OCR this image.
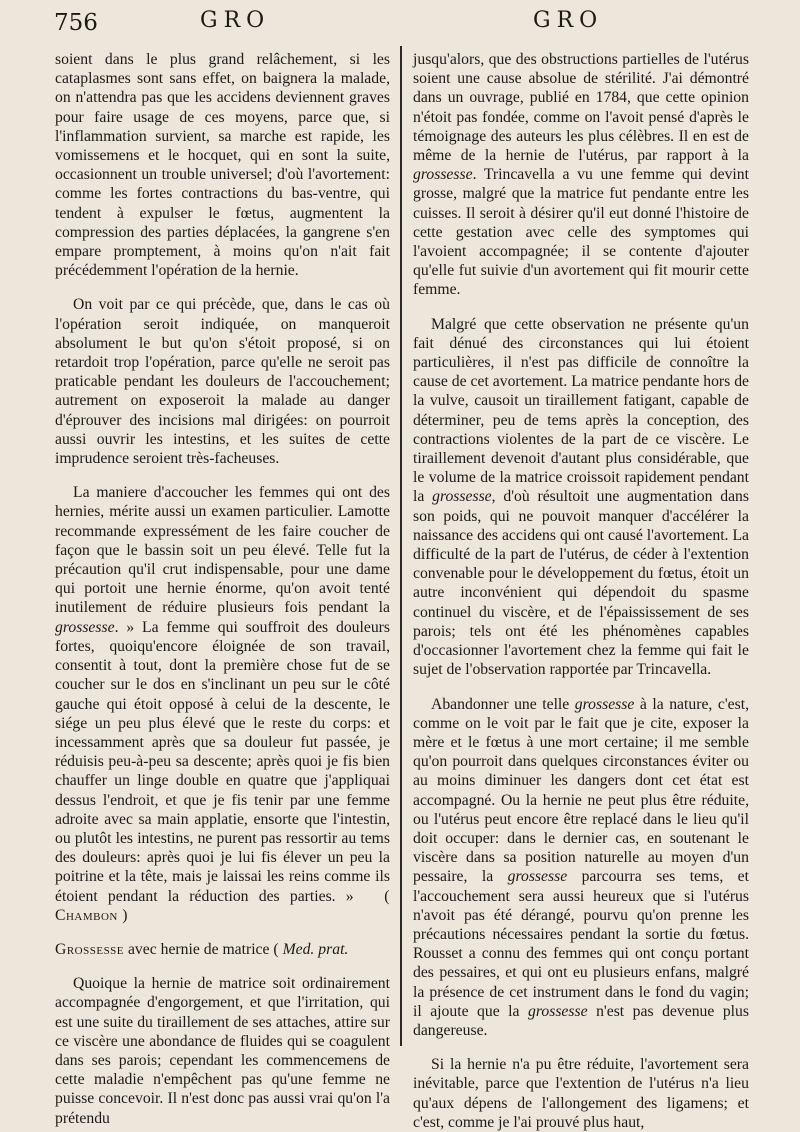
756	GRO	GRO

soient dans le plus grand relâchement, si les cataplasmes sont sans effet, on baignera la malade, on n'attendra pas que les accidens deviennent graves pour faire usage de ces moyens, parce que, si l'inflammation survient, sa marche est rapide, les vomissemens et le hocquet, qui en sont la suite, occasionnent un trouble universel; d'où l'avortement: comme les fortes contractions du bas-ventre, qui tendent à expulser le fœtus, augmentent la compression des parties déplacées, la gangrene s'en empare promptement, à moins qu'on n'ait fait précédemment l'opération de la hernie.

On voit par ce qui précède, que, dans le cas où l'opération seroit indiquée, on manqueroit absolument le but qu'on s'étoit proposé, si on retardoit trop l'opération, parce qu'elle ne seroit pas praticable pendant les douleurs de l'accouchement; autrement on exposeroit la malade au danger d'éprouver des incisions mal dirigées: on pourroit aussi ouvrir les intestins, et les suites de cette imprudence seroient très-facheuses.

La maniere d'accoucher les femmes qui ont des hernies, mérite aussi un examen particulier. Lamotte recommande expressément de les faire coucher de façon que le bassin soit un peu élevé. Telle fut la précaution qu'il crut indispensable, pour une dame qui portoit une hernie énorme, qu'on avoit tenté inutilement de réduire plusieurs fois pendant la grossesse. » La femme qui souffroit des douleurs fortes, quoiqu'encore éloignée de son travail, consentit à tout, dont la première chose fut de se coucher sur le dos en s'inclinant un peu sur le côté gauche qui étoit opposé à celui de la descente, le siége un peu plus élevé que le reste du corps: et incessamment après que sa douleur fut passée, je réduisis peu-à-peu sa descente; après quoi je fis bien chauffer un linge double en quatre que j'appliquai dessus l'endroit, et que je fis tenir par une femme adroite avec sa main applatie, ensorte que l'intestin, ou plutôt les intestins, ne purent pas ressortir au tems des douleurs: après quoi je lui fis élever un peu la poitrine et la tête, mais je laissai les reins comme ils étoient pendant la réduction des parties. » ( Chambon )

Grossesse avec hernie de matrice ( Med. prat.

Quoique la hernie de matrice soit ordinairement accompagnée d'engorgement, et que l'irritation, qui est une suite du tiraillement de ses attaches, attire sur ce viscère une abondance de fluides qui se coagulent dans ses parois; cependant les commencemens de cette maladie n'empêchent pas qu'une femme ne puisse concevoir. Il n'est donc pas aussi vrai qu'on l'a prétendu

jusqu'alors, que des obstructions partielles de l'utérus soient une cause absolue de stérilité. J'ai démontré dans un ouvrage, publié en 1784, que cette opinion n'étoit pas fondée, comme on l'avoit pensé d'après le témoignage des auteurs les plus célèbres. Il en est de même de la hernie de l'utérus, par rapport à la grossesse. Trincavella a vu une femme qui devint grosse, malgré que la matrice fut pendante entre les cuisses. Il seroit à désirer qu'il eut donné l'histoire de cette gestation avec celle des symptomes qui l'avoient accompagnée; il se contente d'ajouter qu'elle fut suivie d'un avortement qui fit mourir cette femme.

Malgré que cette observation ne présente qu'un fait dénué des circonstances qui lui étoient particulières, il n'est pas difficile de connoître la cause de cet avortement. La matrice pendante hors de la vulve, causoit un tiraillement fatigant, capable de déterminer, peu de tems après la conception, des contractions violentes de la part de ce viscère. Le tiraillement devenoit d'autant plus considérable, que le volume de la matrice croissoit rapidement pendant la grossesse, d'où résultoit une augmentation dans son poids, qui ne pouvoit manquer d'accélérer la naissance des accidens qui ont causé l'avortement. La difficulté de la part de l'utérus, de céder à l'extention convenable pour le développement du fœtus, étoit un autre inconvénient qui dépendoit du spasme continuel du viscère, et de l'épaississement de ses parois; tels ont été les phénomènes capables d'occasionner l'avortement chez la femme qui fait le sujet de l'observation rapportée par Trincavella.

Abandonner une telle grossesse à la nature, c'est, comme on le voit par le fait que je cite, exposer la mère et le fœtus à une mort certaine; il me semble qu'on pourroit dans quelques circonstances éviter ou au moins diminuer les dangers dont cet état est accompagné. Ou la hernie ne peut plus être réduite, ou l'utérus peut encore être replacé dans le lieu qu'il doit occuper: dans le dernier cas, en soutenant le viscère dans sa position naturelle au moyen d'un pessaire, la grossesse parcourra ses tems, et l'accouchement sera aussi heureux que si l'utérus n'avoit pas été dérangé, pourvu qu'on prenne les précautions nécessaires pendant la sortie du fœtus. Rousset a connu des femmes qui ont conçu portant des pessaires, et qui ont eu plusieurs enfans, malgré la présence de cet instrument dans le fond du vagin; il ajoute que la grossesse n'est pas devenue plus dangereuse.

Si la hernie n'a pu être réduite, l'avortement sera inévitable, parce que l'extention de l'utérus n'a lieu qu'aux dépens de l'allongement des ligamens; et c'est, comme je l'ai prouvé plus haut,
